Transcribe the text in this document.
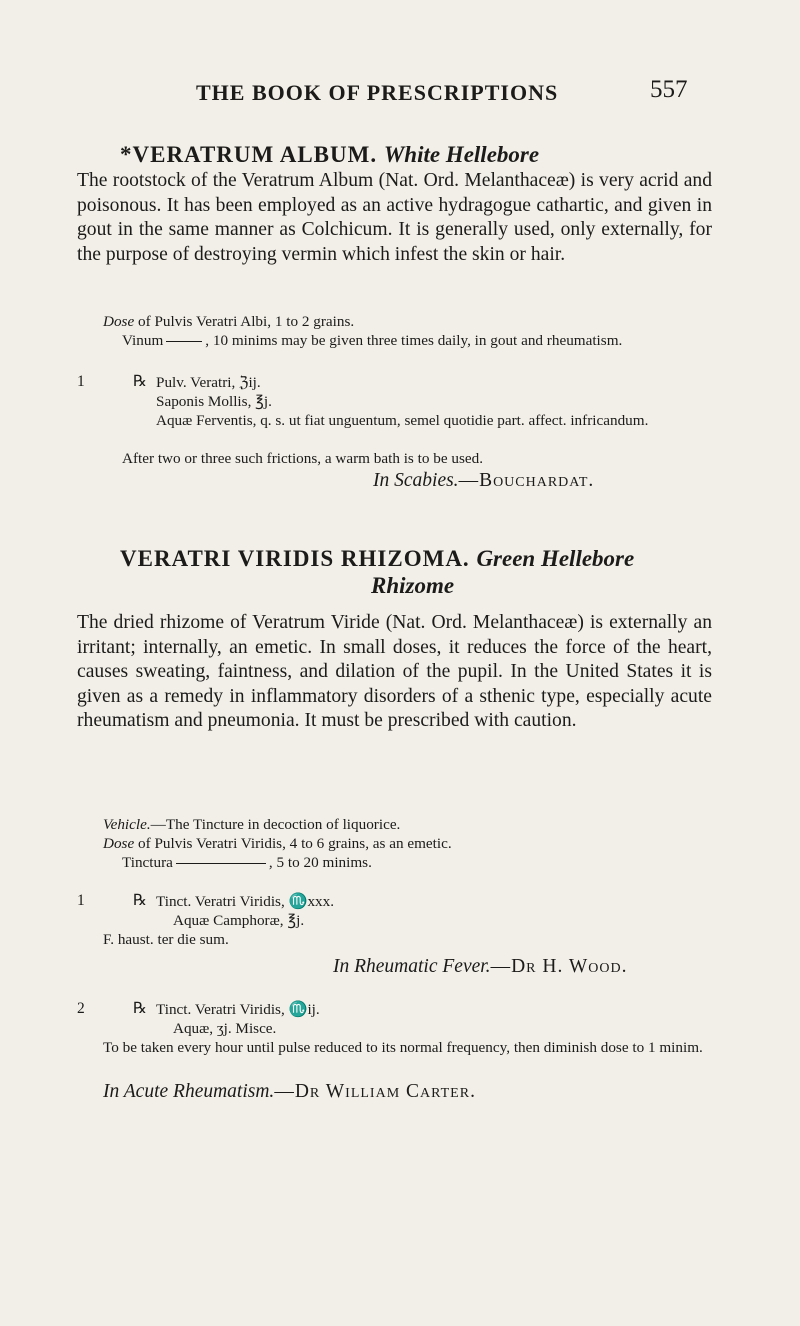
THE BOOK OF PRESCRIPTIONS	557
*VERATRUM ALBUM. White Hellebore

The rootstock of the Veratrum Album (Nat. Ord. Melanthaceæ) is very acrid and poisonous. It has been employed as an active hydragogue cathartic, and given in gout in the same manner as Colchicum. It is generally used, only externally, for the purpose of destroying vermin which infest the skin or hair.

Dose of Pulvis Veratri Albi, 1 to 2 grains.

Vinum	, 10 minims may be given three times daily, in gout and rheumatism.

1	℞ Pulv. Veratri, ℨij.
Saponis Mollis, ℥j.
Aquæ Ferventis, q. s. ut fiat unguentum, semel quotidie part. affect. infricandum.
After two or three such frictions, a warm bath is to be used.
In Scabies.—Bouchardat.
VERATRI VIRIDIS RHIZOMA. Green Hellebore
Rhizome

The dried rhizome of Veratrum Viride (Nat. Ord. Melanthaceæ) is externally an irritant; internally, an emetic. In small doses, it reduces the force of the heart, causes sweating, faintness, and dilation of the pupil. In the United States it is given as a remedy in inflammatory disorders of a sthenic type, especially acute rheumatism and pneumonia. It must be prescribed with caution.

Vehicle.—The Tincture in decoction of liquorice.

Dose of Pulvis Veratri Viridis, 4 to 6 grains, as an emetic.

Tinctura	, 5 to 20 minims.

1	℞ Tinct. Veratri Viridis, ♏xxx.
Aquæ Camphoræ, ℥j.
F. haust. ter die sum.
In Rheumatic Fever.—Dr H. Wood.
2	℞ Tinct. Veratri Viridis, ♏ij.
Aquæ, ʒj. Misce.
To be taken every hour until pulse reduced to its normal frequency, then diminish dose to 1 minim.
In Acute Rheumatism.—Dr William Carter.
